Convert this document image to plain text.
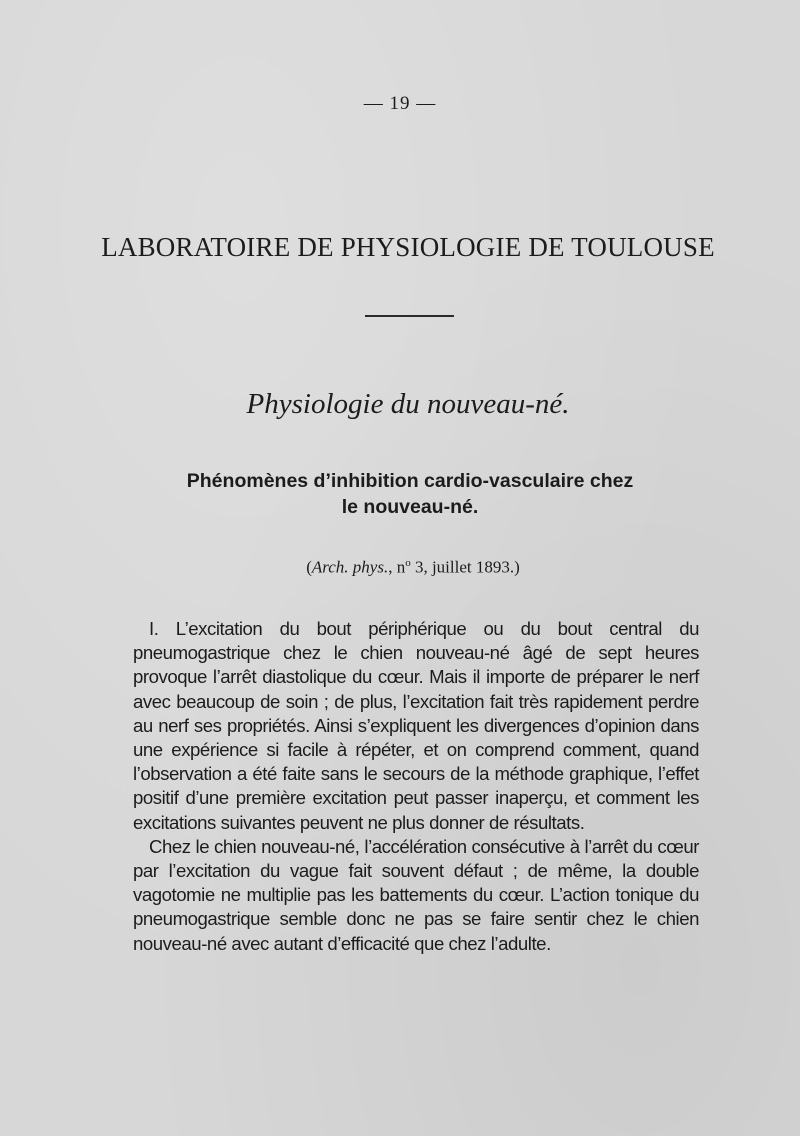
— 19 —
LABORATOIRE DE PHYSIOLOGIE DE TOULOUSE
Physiologie du nouveau-né.
Phénomènes d’inhibition cardio-vasculaire chez
le nouveau-né.
(Arch. phys., $n^o$ 3, juillet 1893.)

I. L’excitation du bout périphérique ou du bout central du pneumogastrique chez le chien nouveau-né âgé de sept heures provoque l’arrêt diastolique du cœur. Mais il importe de préparer le nerf avec beaucoup de soin ; de plus, l’excitation fait très rapidement perdre au nerf ses propriétés. Ainsi s’expliquent les divergences d’opinion dans une expérience si facile à répéter, et on comprend comment, quand l’observation a été faite sans le secours de la méthode graphique, l’effet positif d’une première excitation peut passer inaperçu, et comment les excitations suivantes peuvent ne plus donner de résultats.

Chez le chien nouveau-né, l’accélération consécutive à l’arrêt du cœur par l’excitation du vague fait souvent défaut ; de même, la double vagotomie ne multiplie pas les battements du cœur. L’action tonique du pneumogastrique semble donc ne pas se faire sentir chez le chien nouveau-né avec autant d’efficacité que chez l’adulte.
